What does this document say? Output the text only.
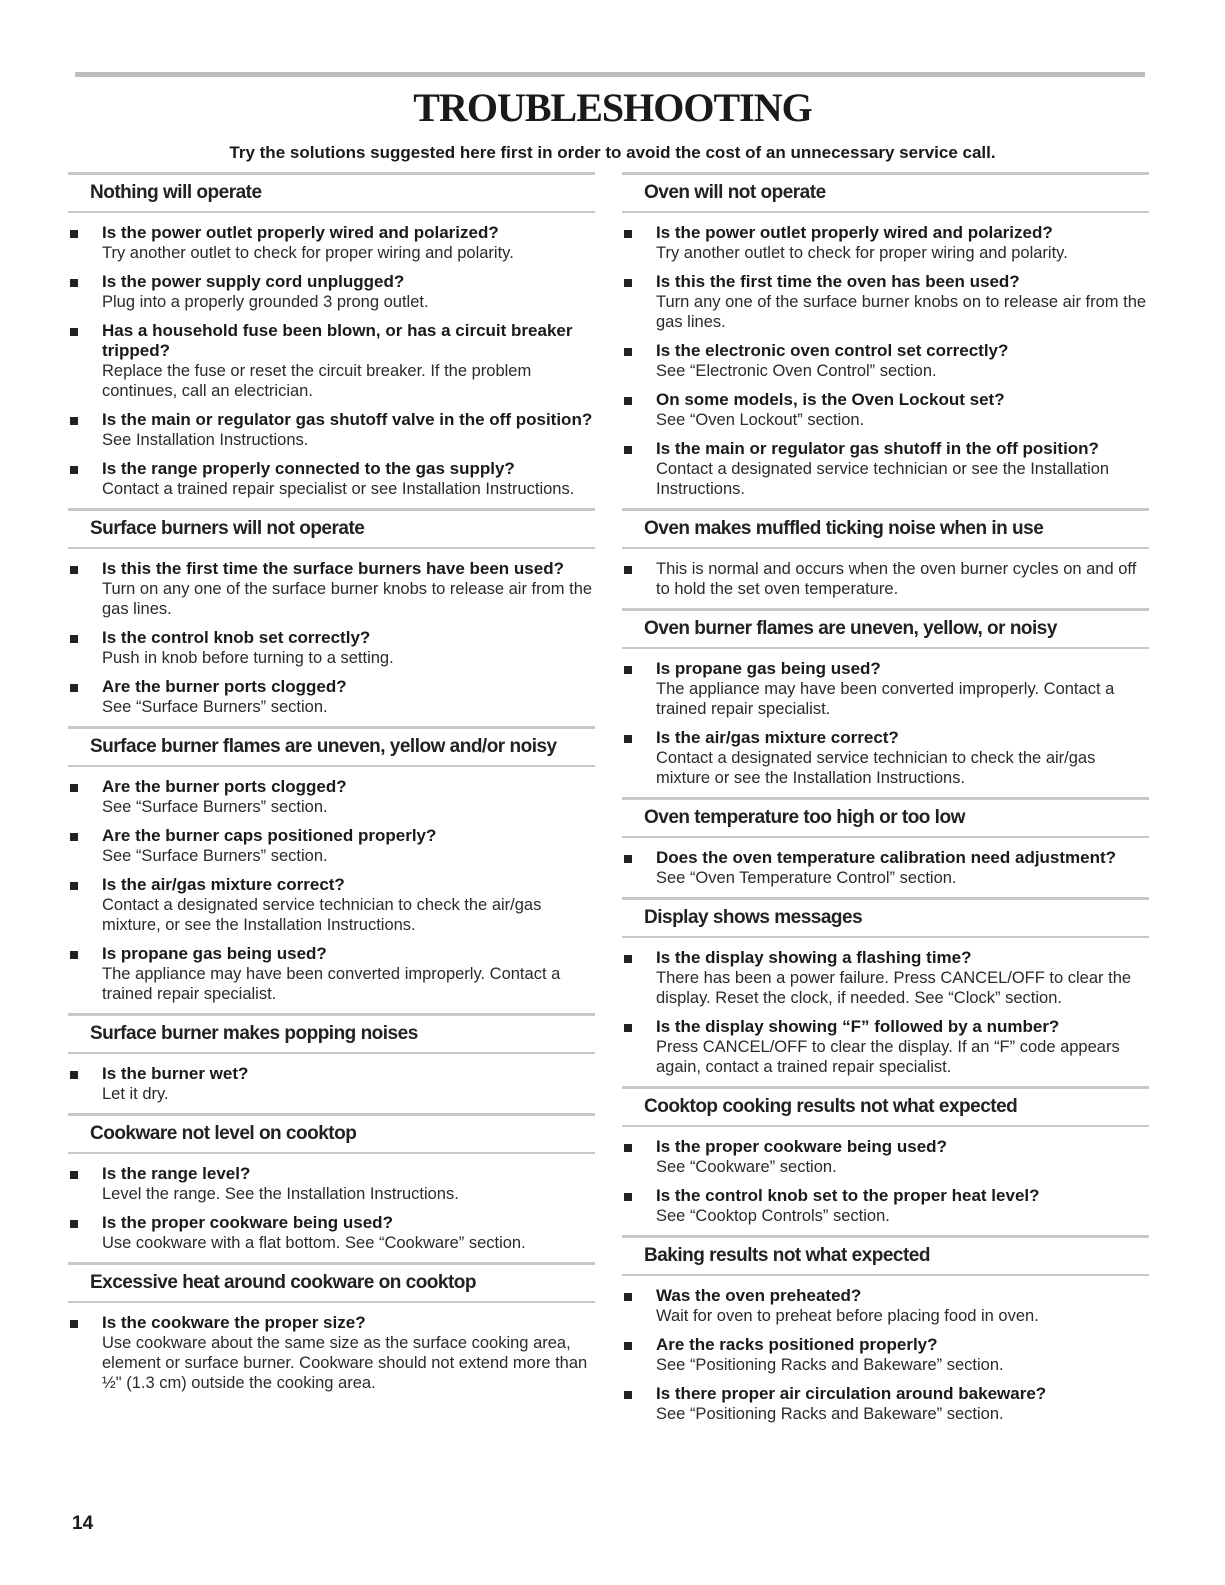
TROUBLESHOOTING
Try the solutions suggested here first in order to avoid the cost of an unnecessary service call.
Nothing will operate
Is the power outlet properly wired and polarized?
Try another outlet to check for proper wiring and polarity.
Is the power supply cord unplugged?
Plug into a properly grounded 3 prong outlet.
Has a household fuse been blown, or has a circuit breaker tripped?
Replace the fuse or reset the circuit breaker. If the problem continues, call an electrician.
Is the main or regulator gas shutoff valve in the off position?
See Installation Instructions.
Is the range properly connected to the gas supply?
Contact a trained repair specialist or see Installation Instructions.
Surface burners will not operate
Is this the first time the surface burners have been used?
Turn on any one of the surface burner knobs to release air from the gas lines.
Is the control knob set correctly?
Push in knob before turning to a setting.
Are the burner ports clogged?
See “Surface Burners” section.
Surface burner flames are uneven, yellow and/or noisy
Are the burner ports clogged?
See “Surface Burners” section.
Are the burner caps positioned properly?
See “Surface Burners” section.
Is the air/gas mixture correct?
Contact a designated service technician to check the air/gas mixture, or see the Installation Instructions.
Is propane gas being used?
The appliance may have been converted improperly. Contact a trained repair specialist.
Surface burner makes popping noises
Is the burner wet?
Let it dry.
Cookware not level on cooktop
Is the range level?
Level the range. See the Installation Instructions.
Is the proper cookware being used?
Use cookware with a flat bottom. See “Cookware” section.
Excessive heat around cookware on cooktop
Is the cookware the proper size?
Use cookware about the same size as the surface cooking area, element or surface burner. Cookware should not extend more than ½" (1.3 cm) outside the cooking area.
Oven will not operate
Is the power outlet properly wired and polarized?
Try another outlet to check for proper wiring and polarity.
Is this the first time the oven has been used?
Turn any one of the surface burner knobs on to release air from the gas lines.
Is the electronic oven control set correctly?
See “Electronic Oven Control” section.
On some models, is the Oven Lockout set?
See “Oven Lockout” section.
Is the main or regulator gas shutoff in the off position?
Contact a designated service technician or see the Installation Instructions.
Oven makes muffled ticking noise when in use
This is normal and occurs when the oven burner cycles on and off to hold the set oven temperature.
Oven burner flames are uneven, yellow, or noisy
Is propane gas being used?
The appliance may have been converted improperly. Contact a trained repair specialist.
Is the air/gas mixture correct?
Contact a designated service technician to check the air/gas mixture or see the Installation Instructions.
Oven temperature too high or too low
Does the oven temperature calibration need adjustment?
See “Oven Temperature Control” section.
Display shows messages
Is the display showing a flashing time?
There has been a power failure. Press CANCEL/OFF to clear the display. Reset the clock, if needed. See “Clock” section.
Is the display showing “F” followed by a number?
Press CANCEL/OFF to clear the display. If an “F” code appears again, contact a trained repair specialist.
Cooktop cooking results not what expected
Is the proper cookware being used?
See “Cookware” section.
Is the control knob set to the proper heat level?
See “Cooktop Controls” section.
Baking results not what expected
Was the oven preheated?
Wait for oven to preheat before placing food in oven.
Are the racks positioned properly?
See “Positioning Racks and Bakeware” section.
Is there proper air circulation around bakeware?
See “Positioning Racks and Bakeware” section.
14
